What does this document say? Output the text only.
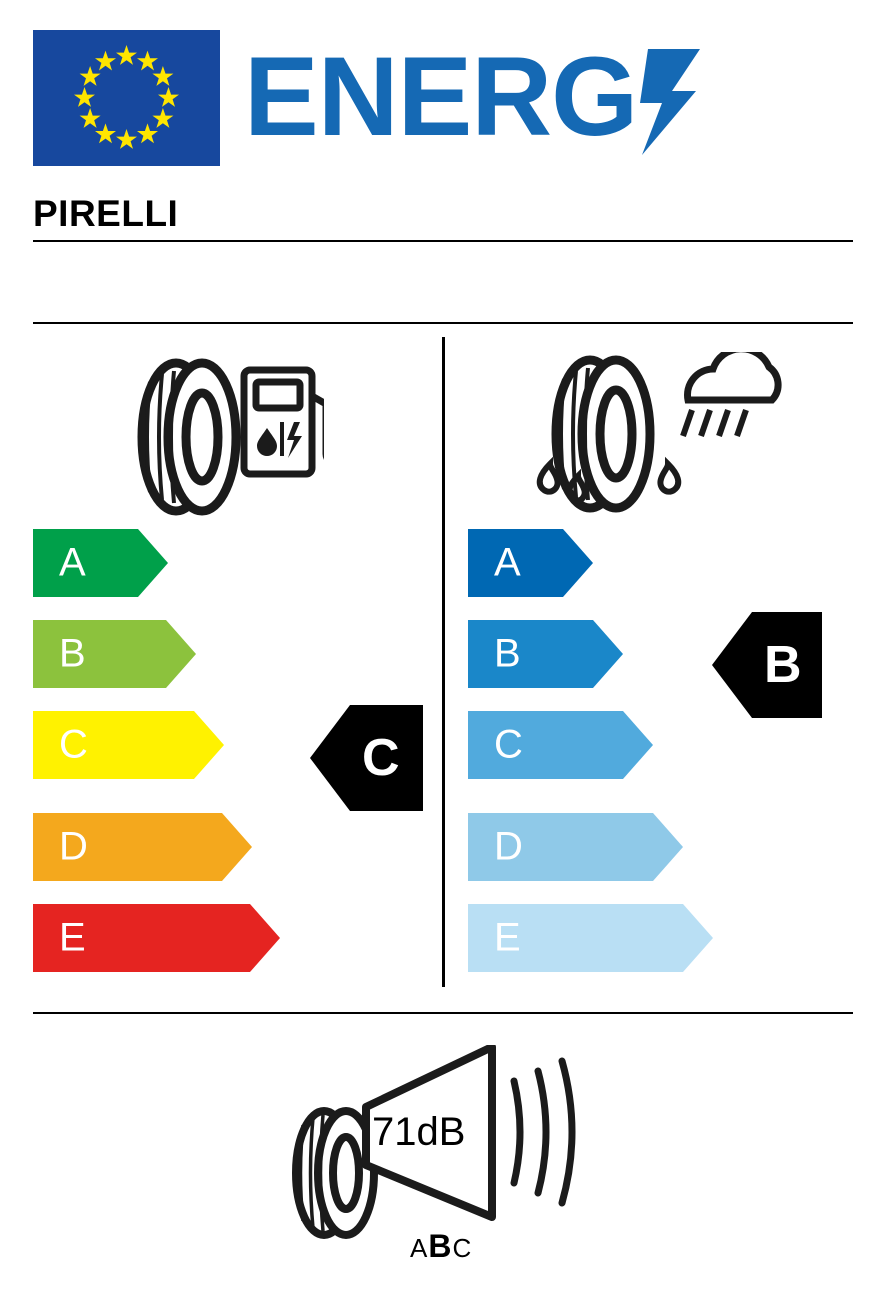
ENERG
PIRELLI
A
B
C
D
E
C
A
B
C
D
E
B
71dB
ABC
